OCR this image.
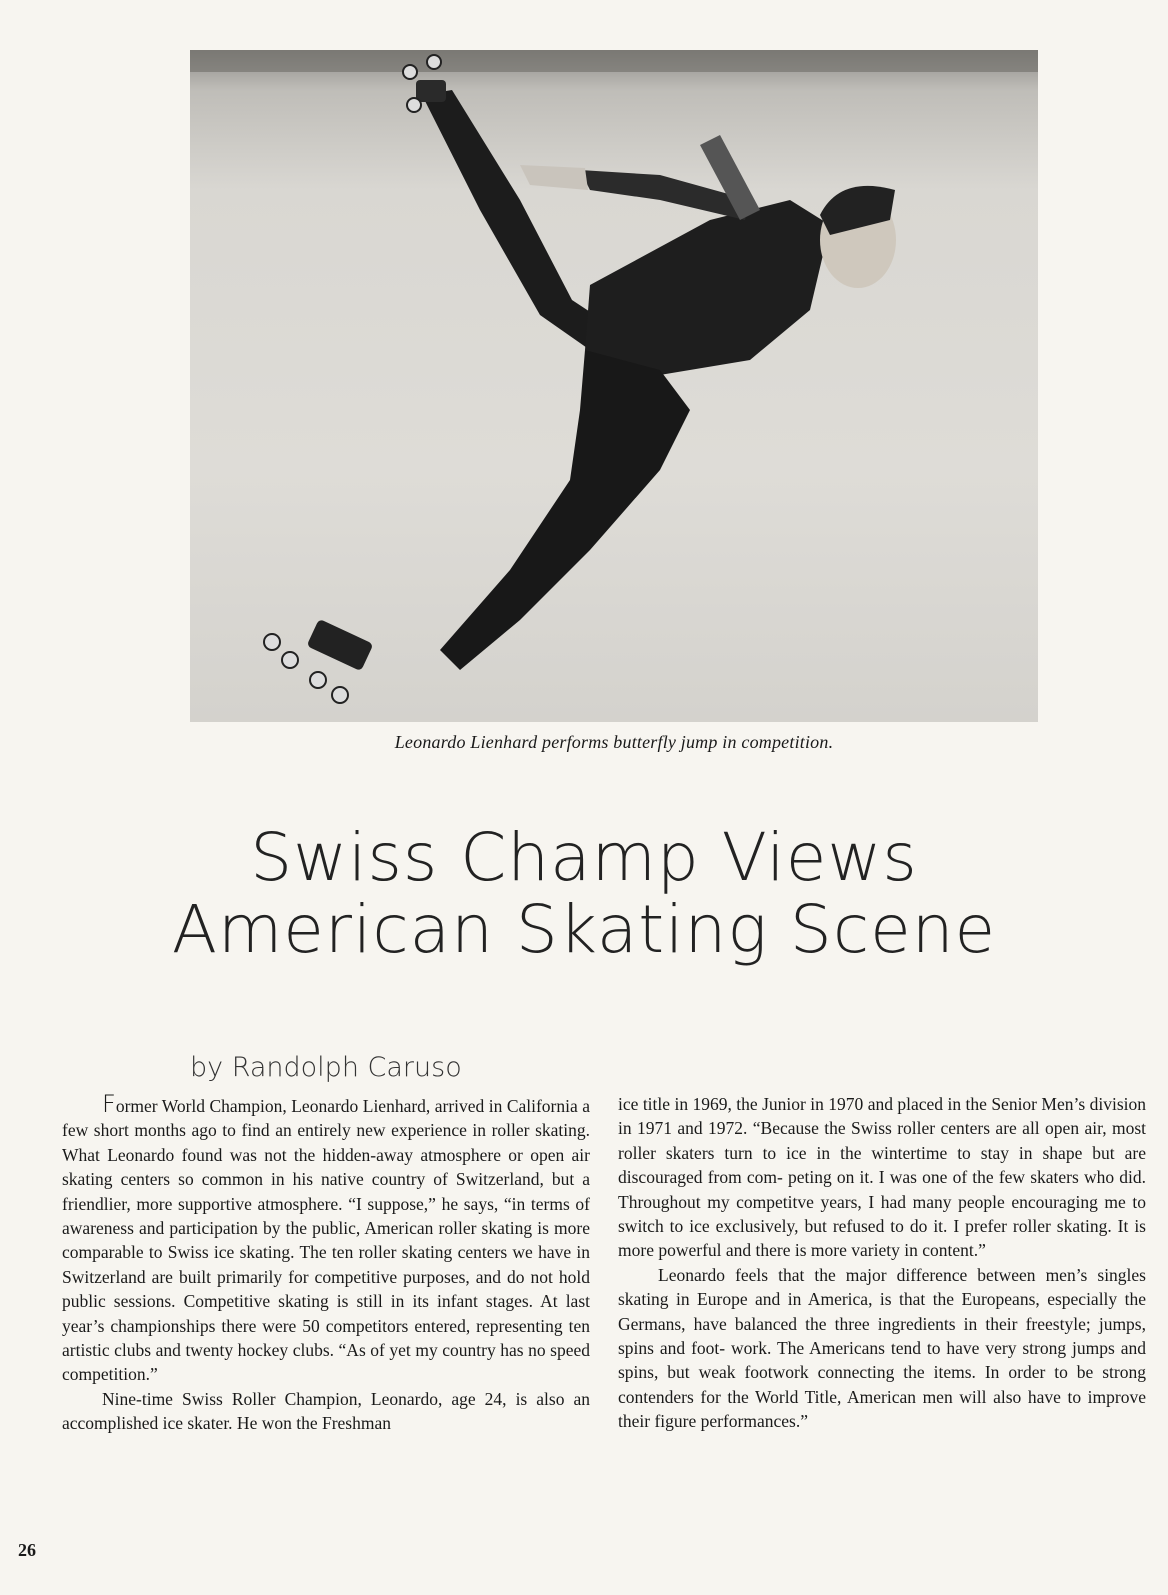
Leonardo Lienhard performs butterfly jump in competition.
Swiss Champ Views
American Skating Scene
by Randolph Caruso

Former World Champion, Leonardo Lienhard, arrived in California a few short months ago to find an entirely new experience in roller skating. What Leonardo found was not the hidden-away atmosphere or open air skating centers so common in his native country of Switzerland, but a friendlier, more supportive atmosphere. “I suppose,” he says, “in terms of awareness and participation by the public, American roller skating is more comparable to Swiss ice skating. The ten roller skating centers we have in Switzerland are built primarily for competitive purposes, and do not hold public sessions. Competitive skating is still in its infant stages. At last year’s championships there were 50 competitors entered, representing ten artistic clubs and twenty hockey clubs. “As of yet my country has no speed competition.”

Nine-time Swiss Roller Champion, Leonardo, age 24, is also an accomplished ice skater. He won the Freshman

ice title in 1969, the Junior in 1970 and placed in the Senior Men’s division in 1971 and 1972. “Because the Swiss roller centers are all open air, most roller skaters turn to ice in the wintertime to stay in shape but are discouraged from com- peting on it. I was one of the few skaters who did. Throughout my competitve years, I had many people encouraging me to switch to ice exclusively, but refused to do it. I prefer roller skating. It is more powerful and there is more variety in content.”

Leonardo feels that the major difference between men’s singles skating in Europe and in America, is that the Europeans, especially the Germans, have balanced the three ingredients in their freestyle; jumps, spins and foot- work. The Americans tend to have very strong jumps and spins, but weak footwork connecting the items. In order to be strong contenders for the World Title, American men will also have to improve their figure performances.”

26
